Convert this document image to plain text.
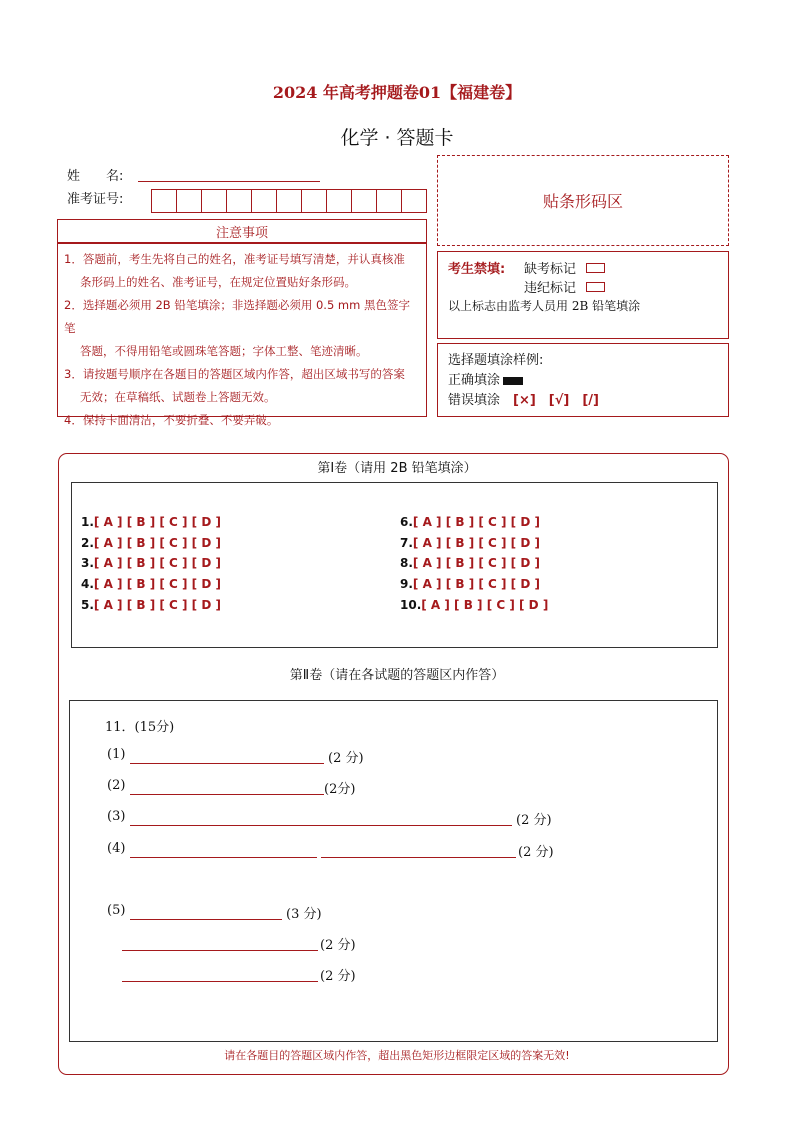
2024 年高考押题卷01【福建卷】
化学 · 答题卡
姓　　名:
准考证号:	贴条形码区
注意事项

1．答题前，考生先将自己的姓名，准考证号填写清楚，并认真核准

条形码上的姓名、准考证号，在规定位置贴好条形码。

2．选择题必须用 2B 铅笔填涂；非选择题必须用 0.5 mm 黑色签字笔

答题，不得用铅笔或圆珠笔答题；字体工整、笔迹清晰。

3．请按题号顺序在各题目的答题区域内作答，超出区域书写的答案

无效；在草稿纸、试题卷上答题无效。

4．保持卡面清洁，不要折叠、不要弄破。

考生禁填:	缺考标记
违纪标记
以上标志由监考人员用 2B 铅笔填涂
选择题填涂样例:
正确填涂
错误填涂　 [×]　[√]　[/]
第Ⅰ卷（请用 2B 铅笔填涂）
1.[ A ] [ B ] [ C ] [ D ]
2.[ A ] [ B ] [ C ] [ D ]
3.[ A ] [ B ] [ C ] [ D ]
4.[ A ] [ B ] [ C ] [ D ]
5.[ A ] [ B ] [ C ] [ D ]
6.[ A ] [ B ] [ C ] [ D ]
7.[ A ] [ B ] [ C ] [ D ]
8.[ A ] [ B ] [ C ] [ D ]
9.[ A ] [ B ] [ C ] [ D ]
10.[ A ] [ B ] [ C ] [ D ]
第Ⅱ卷（请在各试题的答题区内作答）
11．(15分)
(1)	(2 分)
(2)	(2分)
(3)	(2 分)
(4)	(2 分)
(5)	(3 分)
(2 分)
(2 分)
请在各题目的答题区域内作答，超出黑色矩形边框限定区域的答案无效!
